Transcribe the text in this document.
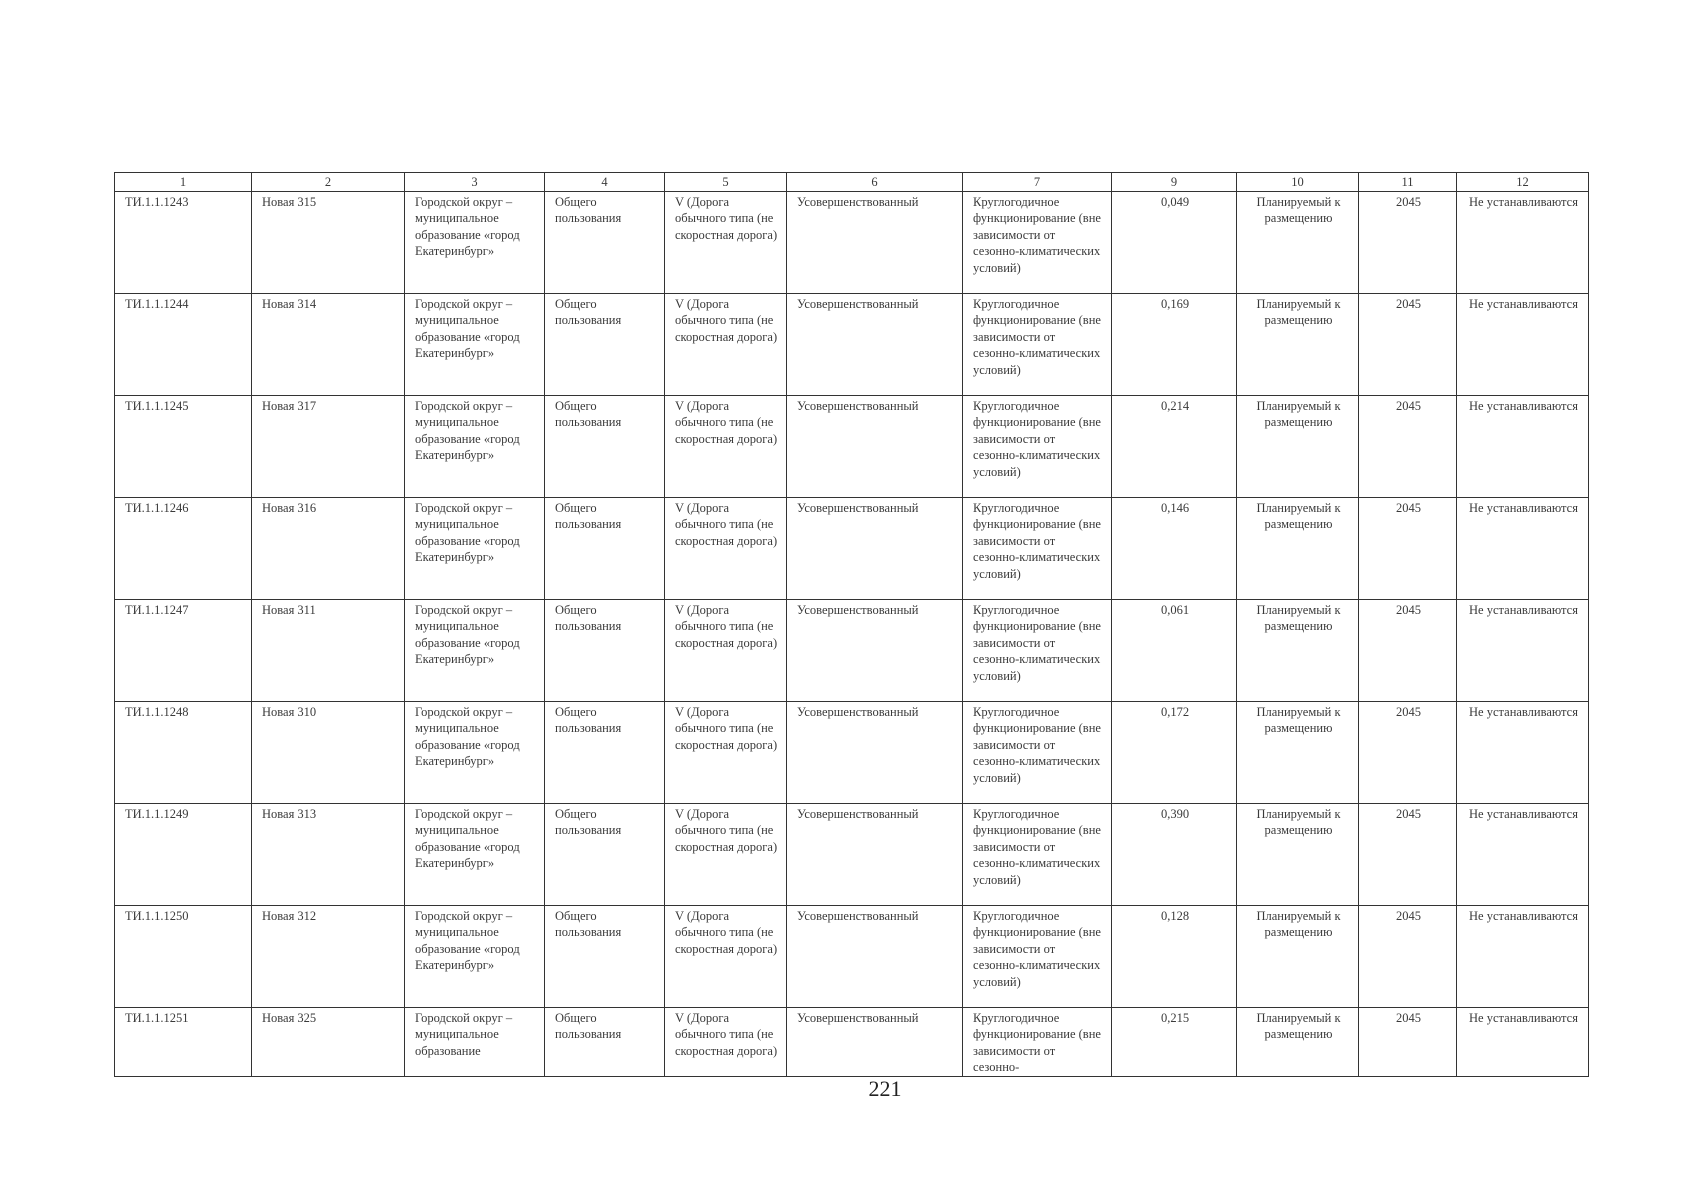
1	2	3	4	5	6	7	9	10	11	12
ТИ.1.1.1243	Новая 315	Городской округ – муниципальное образование «город Екатеринбург»	Общего пользования	V (Дорога обычного типа (не скоростная дорога)	Усовершенствованный	Круглогодичное функционирование (вне зависимости от сезонно-климатических условий)	0,049	Планируемый к размещению	2045	Не устанавливаются
ТИ.1.1.1244	Новая 314	Городской округ – муниципальное образование «город Екатеринбург»	Общего пользования	V (Дорога обычного типа (не скоростная дорога)	Усовершенствованный	Круглогодичное функционирование (вне зависимости от сезонно-климатических условий)	0,169	Планируемый к размещению	2045	Не устанавливаются
ТИ.1.1.1245	Новая 317	Городской округ – муниципальное образование «город Екатеринбург»	Общего пользования	V (Дорога обычного типа (не скоростная дорога)	Усовершенствованный	Круглогодичное функционирование (вне зависимости от сезонно-климатических условий)	0,214	Планируемый к размещению	2045	Не устанавливаются
ТИ.1.1.1246	Новая 316	Городской округ – муниципальное образование «город Екатеринбург»	Общего пользования	V (Дорога обычного типа (не скоростная дорога)	Усовершенствованный	Круглогодичное функционирование (вне зависимости от сезонно-климатических условий)	0,146	Планируемый к размещению	2045	Не устанавливаются
ТИ.1.1.1247	Новая 311	Городской округ – муниципальное образование «город Екатеринбург»	Общего пользования	V (Дорога обычного типа (не скоростная дорога)	Усовершенствованный	Круглогодичное функционирование (вне зависимости от сезонно-климатических условий)	0,061	Планируемый к размещению	2045	Не устанавливаются
ТИ.1.1.1248	Новая 310	Городской округ – муниципальное образование «город Екатеринбург»	Общего пользования	V (Дорога обычного типа (не скоростная дорога)	Усовершенствованный	Круглогодичное функционирование (вне зависимости от сезонно-климатических условий)	0,172	Планируемый к размещению	2045	Не устанавливаются
ТИ.1.1.1249	Новая 313	Городской округ – муниципальное образование «город Екатеринбург»	Общего пользования	V (Дорога обычного типа (не скоростная дорога)	Усовершенствованный	Круглогодичное функционирование (вне зависимости от сезонно-климатических условий)	0,390	Планируемый к размещению	2045	Не устанавливаются
ТИ.1.1.1250	Новая 312	Городской округ – муниципальное образование «город Екатеринбург»	Общего пользования	V (Дорога обычного типа (не скоростная дорога)	Усовершенствованный	Круглогодичное функционирование (вне зависимости от сезонно-климатических условий)	0,128	Планируемый к размещению	2045	Не устанавливаются
ТИ.1.1.1251	Новая 325	Городской округ – муниципальное образование	Общего пользования	V (Дорога обычного типа (не скоростная дорога)	Усовершенствованный	Круглогодичное функционирование (вне зависимости от сезонно-	0,215	Планируемый к размещению	2045	Не устанавливаются
221
